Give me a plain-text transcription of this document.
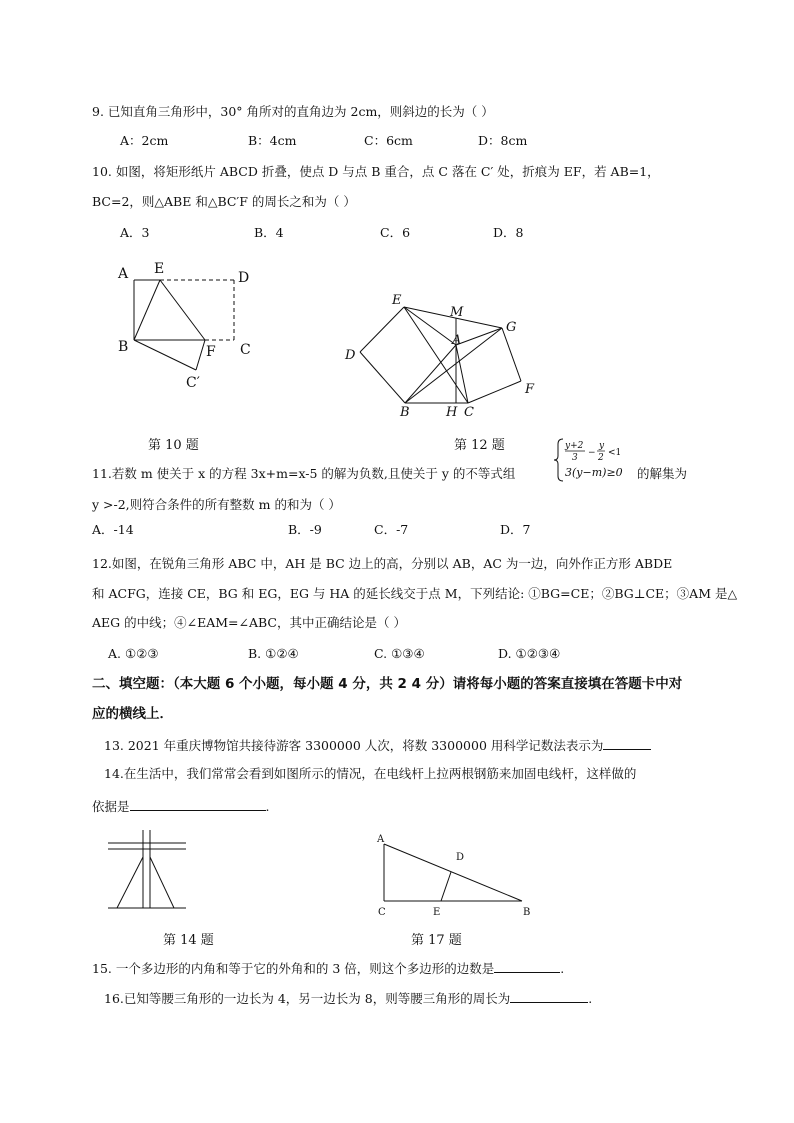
9. 已知直角三角形中，30° 角所对的直角边为 2cm，则斜边的长为（ ）
A：2cm	B：4cm	C：6cm	D：8cm
10. 如图，将矩形纸片 ABCD 折叠，使点 D 与点 B 重合，点 C 落在 C′ 处，折痕为 EF，若 AB=1，
BC=2，则△ABE 和△BC′F 的周长之和为（ ）
A．3	B．4	C．6	D．8
A E
D
B	F C
C′
第 10 题
E
M
G
D
A
F
B	H C
第 12 题
11.若数 m 使关于 x 的方程 3x+m=x-5 的解为负数,且使关于 y 的不等式组
y+2
3 −
y
2 <1
3(y−m)≥0 的解集为
y >-2,则符合条件的所有整数 m 的和为（ ）
A．-14	B．-9	C．-7	D．7
12.如图，在锐角三角形 ABC 中，AH 是 BC 边上的高，分别以 AB，AC 为一边，向外作正方形 ABDE
和 ACFG，连接 CE，BG 和 EG，EG 与 HA 的延长线交于点 M，下列结论: ①BG=CE；②BG⊥CE；③AM 是△
AEG 的中线；④∠EAM=∠ABC，其中正确结论是（ ）
A. ①②③	B. ①②④	C. ①③④	D. ①②③④
二、填空题：（本大题 6 个小题，每小题 4 分，共 2 4 分）请将每小题的答案直接填在答题卡中对
应的横线上．
13. 2021 年重庆博物馆共接待游客 3300000 人次，将数 3300000 用科学记数法表示为
14.在生活中，我们常常会看到如图所示的情况，在电线杆上拉两根钢筋来加固电线杆，这样做的
依据是	.
第 14 题
A
D
C	E	B
第 17 题
15. 一个多边形的内角和等于它的外角和的 3 倍，则这个多边形的边数是	.
16.已知等腰三角形的一边长为 4，另一边长为 8，则等腰三角形的周长为	.
